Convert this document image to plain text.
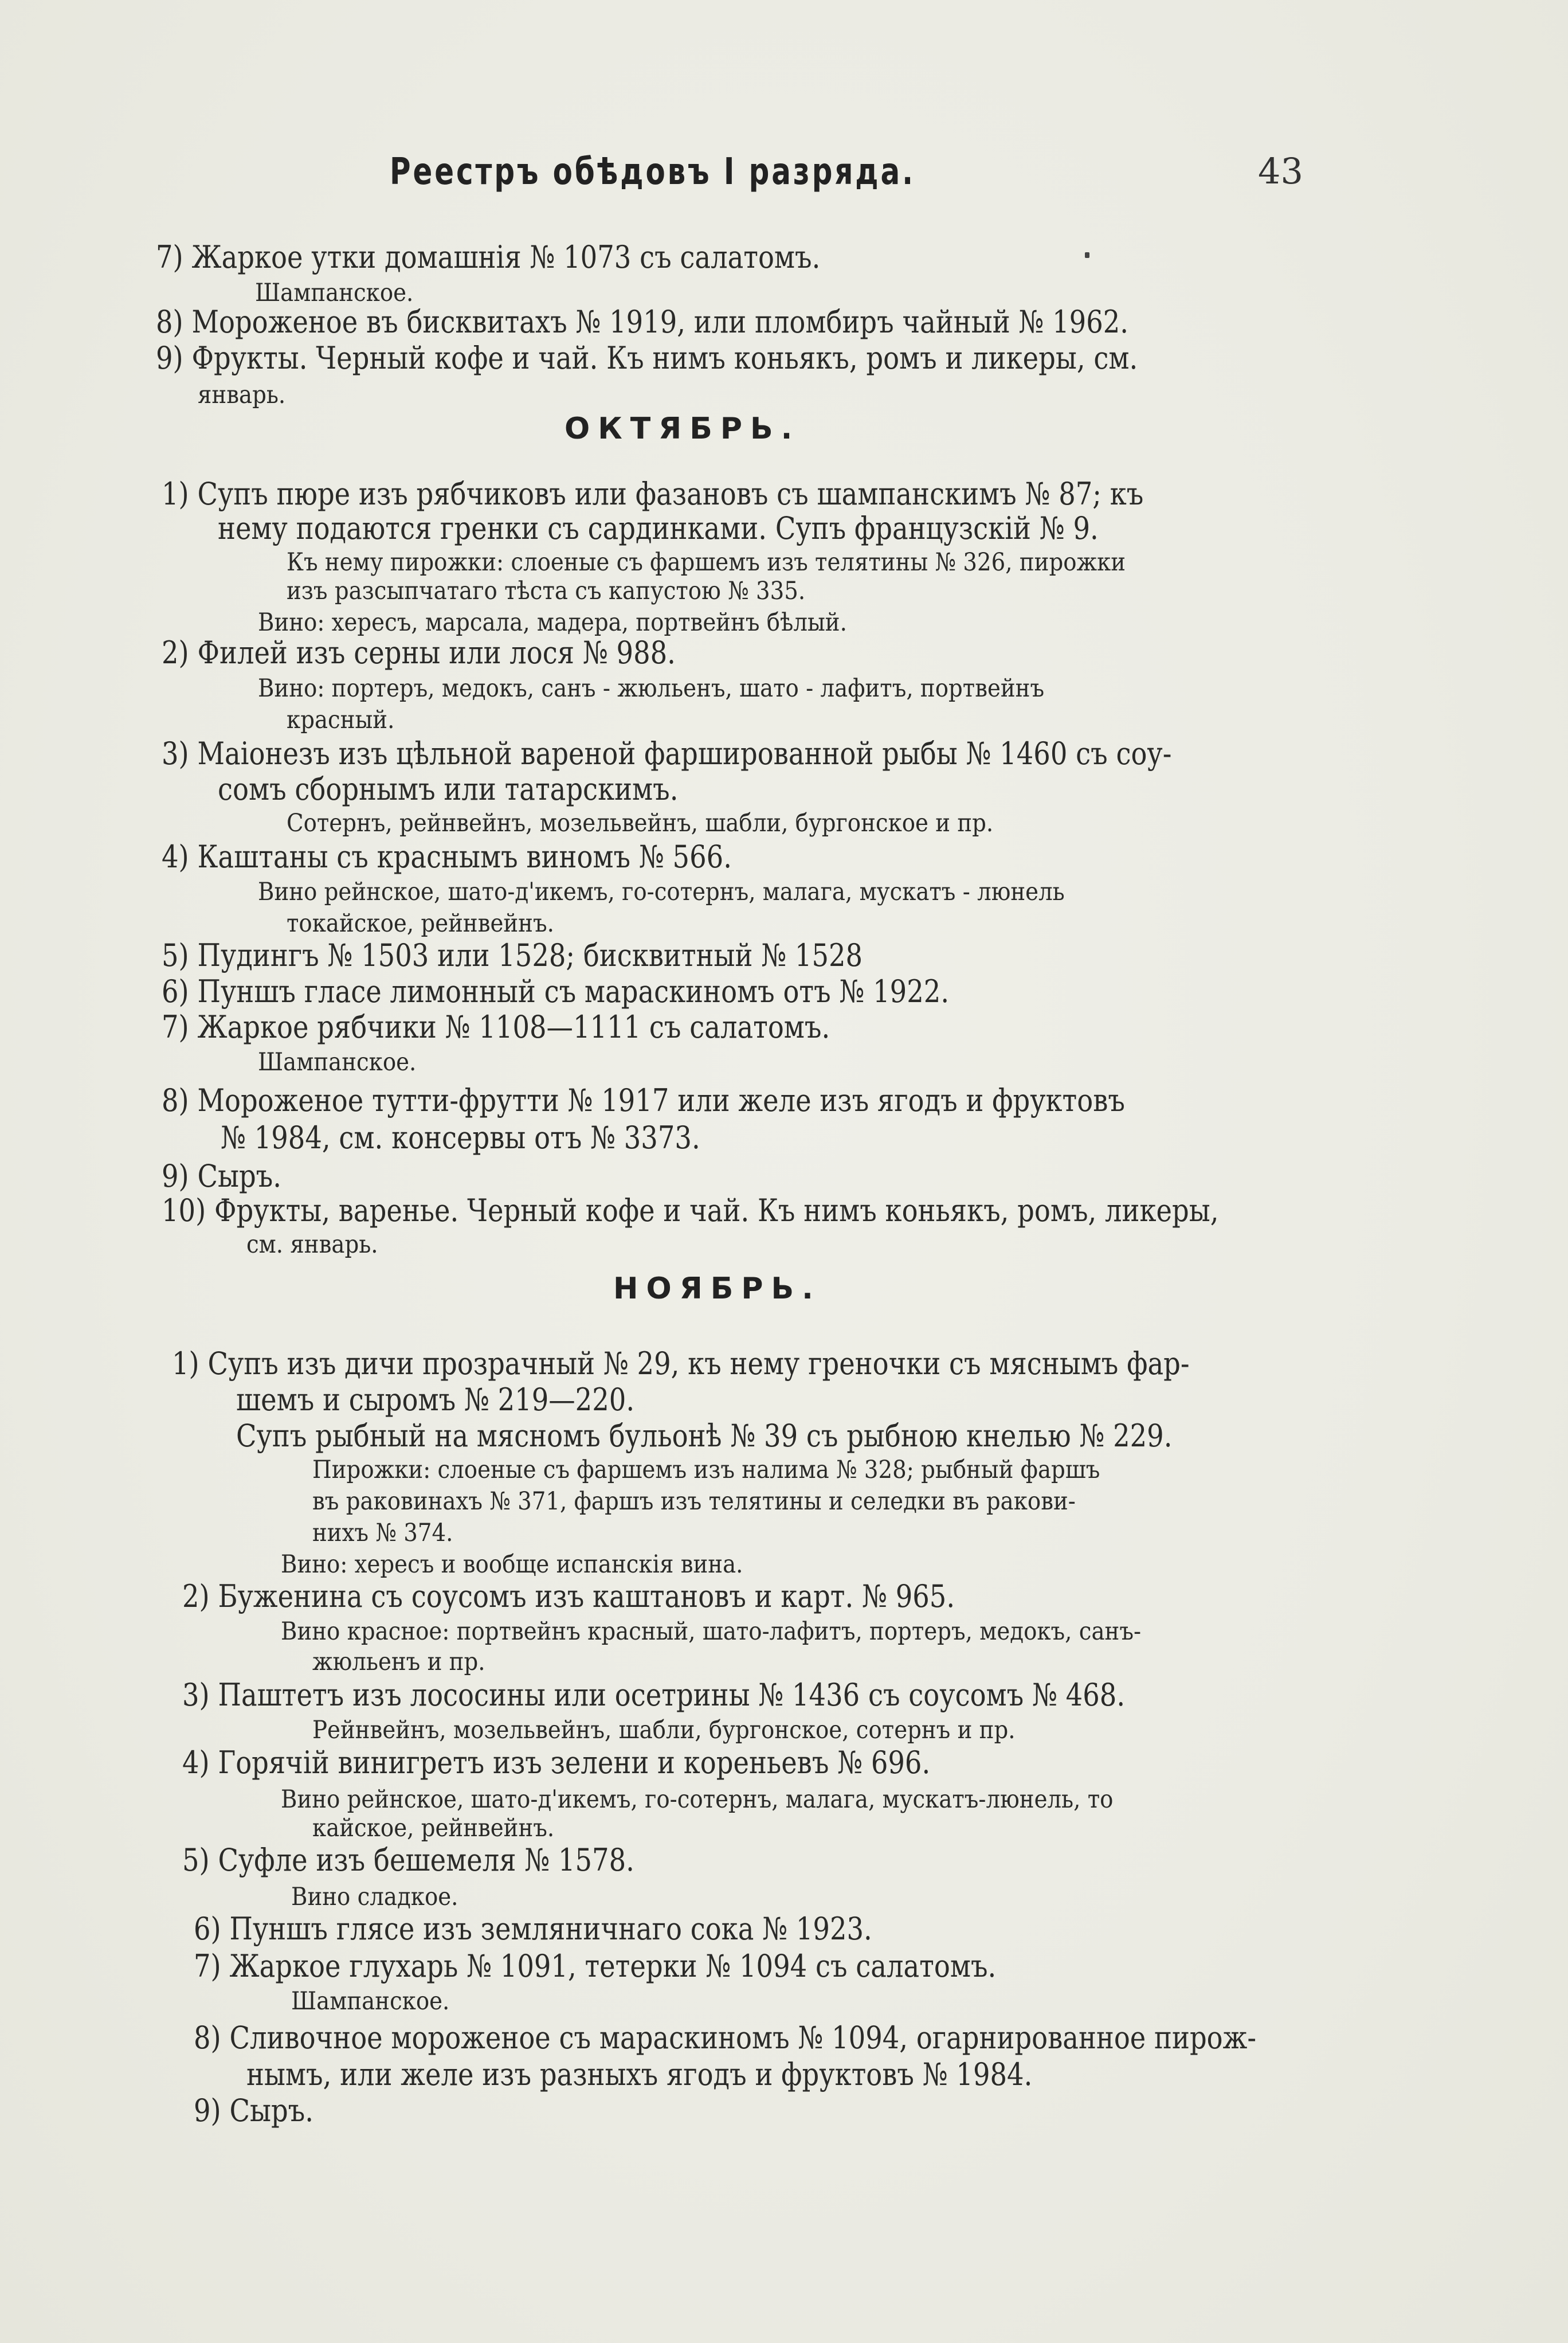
Реестръ обѣдовъ I разряда.	43
7) Жаркое утки домашнія № 1073 съ салатомъ.
Шампанское.
8) Мороженое въ бисквитахъ № 1919, или пломбиръ чайный № 1962.
9) Фрукты. Черный кофе и чай. Къ нимъ коньякъ, ромъ и ликеры, см.
январь.
ОКТЯБРЬ.
1) Супъ пюре изъ рябчиковъ или фазановъ съ шампанскимъ № 87; къ
нему подаются гренки съ сардинками. Супъ французскій № 9.
Къ нему пирожки: слоеные съ фаршемъ изъ телятины № 326, пирожки
изъ разсыпчатаго тѣста съ капустою № 335.
Вино: хересъ, марсала, мадера, портвейнъ бѣлый.
2) Филей изъ серны или лося № 988.
Вино: портеръ, медокъ, санъ - жюльенъ, шато - лафитъ, портвейнъ
красный.
3) Маіонезъ изъ цѣльной вареной фаршированной рыбы № 1460 съ соу-
сомъ сборнымъ или татарскимъ.
Сотернъ, рейнвейнъ, мозельвейнъ, шабли, бургонское и пр.
4) Каштаны съ краснымъ виномъ № 566.
Вино рейнское, шато-д'икемъ, го-сотернъ, малага, мускатъ - люнель
токайское, рейнвейнъ.
5) Пудингъ № 1503 или 1528; бисквитный № 1528
6) Пуншъ гласе лимонный съ мараскиномъ отъ № 1922.
7) Жаркое рябчики № 1108—1111 съ салатомъ.
Шампанское.
8) Мороженое тутти-фрутти № 1917 или желе изъ ягодъ и фруктовъ
№ 1984, см. консервы отъ № 3373.
9) Сыръ.
10) Фрукты, варенье. Черный кофе и чай. Къ нимъ коньякъ, ромъ, ликеры,
см. январь.
НОЯБРЬ.
1) Супъ изъ дичи прозрачный № 29, къ нему греночки съ мяснымъ фар-
шемъ и сыромъ № 219—220.
Супъ рыбный на мясномъ бульонѣ № 39 съ рыбною кнелью № 229.
Пирожки: слоеные съ фаршемъ изъ налима № 328; рыбный фаршъ
въ раковинахъ № 371, фаршъ изъ телятины и селедки въ ракови-
нихъ № 374.
Вино: хересъ и вообще испанскія вина.
2) Буженина съ соусомъ изъ каштановъ и карт. № 965.
Вино красное: портвейнъ красный, шато-лафитъ, портеръ, медокъ, санъ-
жюльенъ и пр.
3) Паштетъ изъ лососины или осетрины № 1436 съ соусомъ № 468.
Рейнвейнъ, мозельвейнъ, шабли, бургонское, сотернъ и пр.
4) Горячій винигретъ изъ зелени и кореньевъ № 696.
Вино рейнское, шато-д'икемъ, го-сотернъ, малага, мускатъ-люнель, то
кайское, рейнвейнъ.
5) Суфле изъ бешемеля № 1578.
Вино сладкое.
6) Пуншъ глясе изъ земляничнаго сока № 1923.
7) Жаркое глухарь № 1091, тетерки № 1094 съ салатомъ.
Шампанское.
8) Сливочное мороженое съ мараскиномъ № 1094, огарнированное пирож-
нымъ, или желе изъ разныхъ ягодъ и фруктовъ № 1984.
9) Сыръ.
